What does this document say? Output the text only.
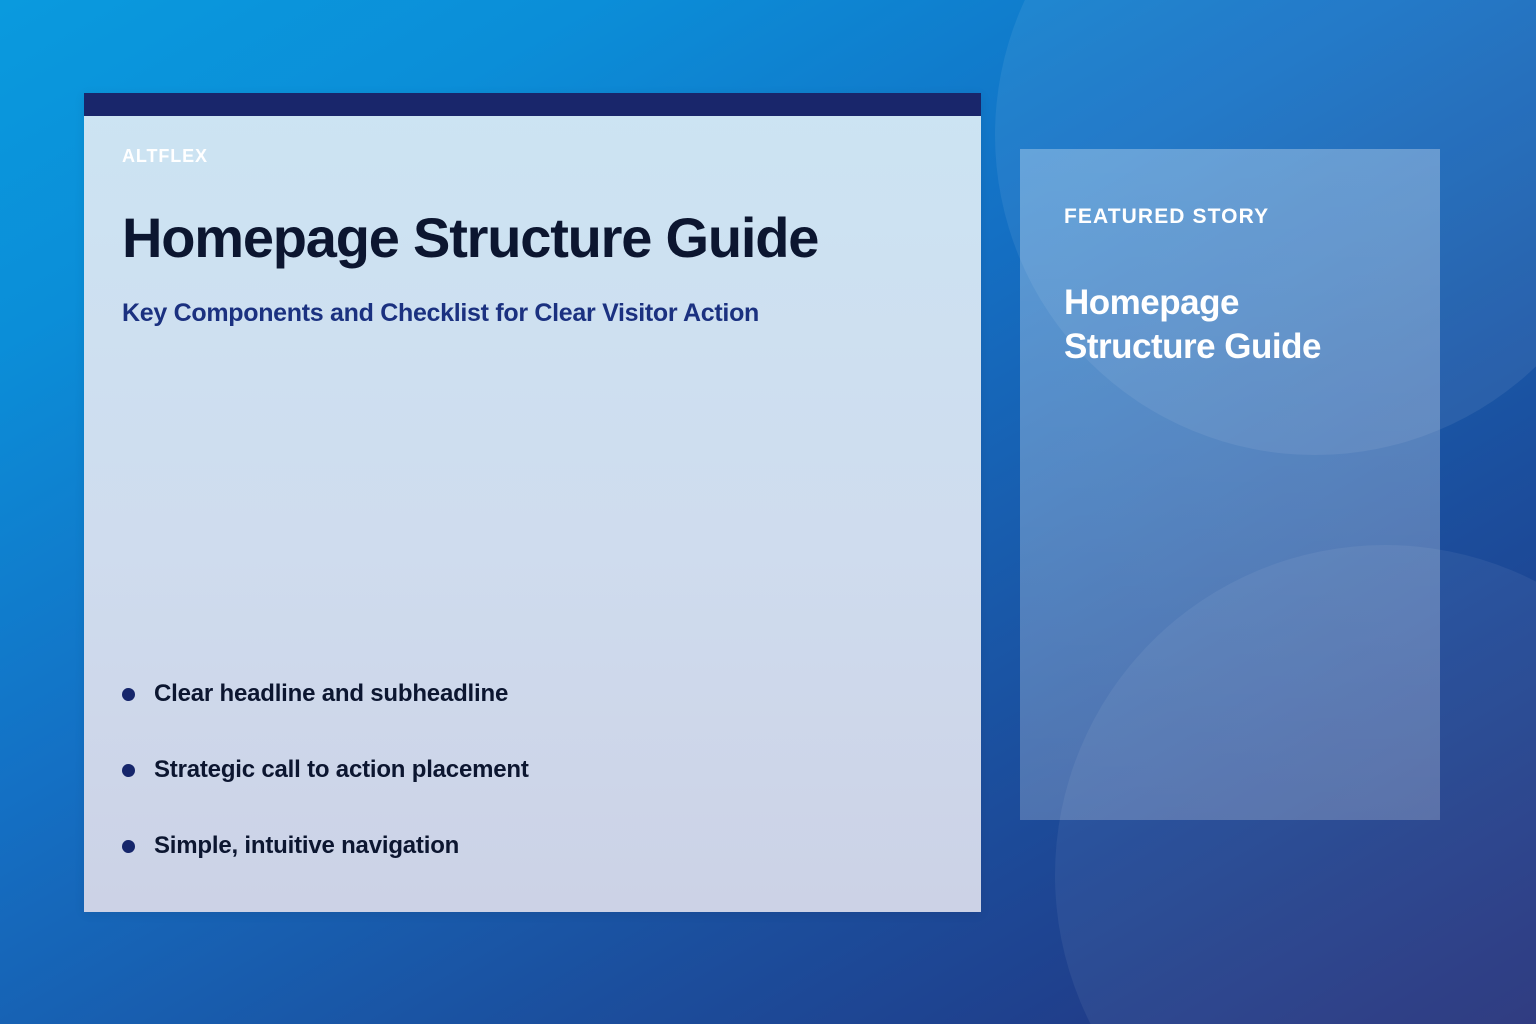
ALTFLEX
Homepage Structure Guide

Key Components and Checklist for Clear Visitor Action

Clear headline and subheadline
Strategic call to action placement
Simple, intuitive navigation
FEATURED STORY
Homepage Structure Guide
